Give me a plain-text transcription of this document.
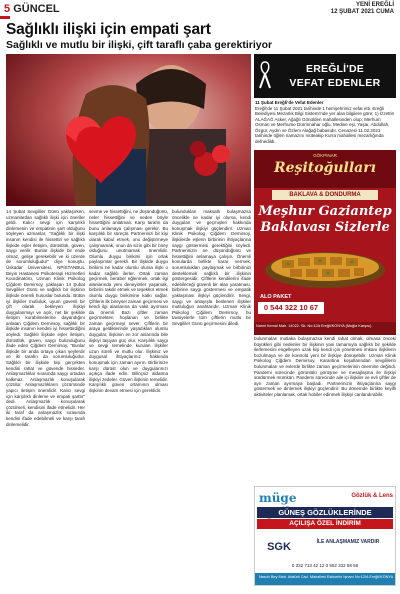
5 GÜNCEL	YENİ EREĞLİ
12 ŞUBAT 2021 CUMA
Sağlıklı ilişki için empati şart
Sağlıklı ve mutlu bir ilişki, çift taraflı çaba gerektiriyor
14 Şubat Sevgililer Günü yaklaşırken, uzmanlardan sağlıklı ilişki için öneriler geldi. Kalıcı sevgi için karşılıklı dinlemenin ve empatinin şart olduğunu söyleyen uzmanlar, “Sağlıklı bir ilişki insanın kendisi ile hissettiri ve sağlıklı ilişkide eşler iletişim, dürüstlük, güven, saygı verilir. Bunlar ilişkide bir ende olmaz, gelişe gerekebilir ve ki üzerde de sorumluluğudur” diye konuştu. Üsküdar Üniversitesi, NPİSTANBUL Beyin Hastanesi Psikoterapi Hizmetleri Koordinatörü, Uzman Klinik Psikolog Çiğdem Demirsoy, yaklaşan 14 Şubat Sevgililer Günü ve sağlıklı bir ilişkinin ilişkide önemli hususlar bulundu. Bütün iyi ilişkiler mutluluk, uyum güvenli bir çift olarak bekleyen ilişkiyi duygulanmayı ve açık, net bir şekilde iletişim kurabilmelerine dayandığını anlatan Çiğdem Demirsoy, sağlıklı bir ilişkide insanın kendini iyi hissettirdiğini söyledi. Sağlıklı ilişkide eşler iletişim, dürüstlük, güven, saygı bulunduğunu ifade eden Çiğdem Demirsoy, “Bunlar ilişkide bir anda ortaya çıkan şeylerdir ve iki tarafın da sorumluluğudur. Sağlıklı bir ilişkide kişi gerçekten kendini rahat ve güvende hisseder. Anlaşmazlıklar sırasında saygı ortadan kalkmaz. Anlaşmazlık konuşularak çözülür. Anlaşmazlıkların çözümünde yapıcı iletişim önemlidir. Kalıcı sevgi için karşılıklı dinleme ve empati şarttır” dedi. Anlaşmazlık konuşularak çözülmeli, kendisini ifade etmelidir. Her iki taraf da anlaşmazlık sırasında kendini ifade edebilmeli ve karşı tarafı dinlemelidir.
sevme ve hissettiğini, ne düşündüğünü, neler hissettiğini ve neden böyle hissettiğini anlatmalı. Karşı tarafın da bunu anlamaya çalışması gerekir. Bu karşılıklı bir süreçtir. Partnerinizi bir kişi olarak kabul etmek, onu değiştirmeye çalışmamak, onun da sizin gibi bir birey olduğunu unutmamak önemlidir. Olumlu duygu birikimi için ortak paylaşımlar gerekli. Bir ilişkide duygu birikimi ne kadar olumlu olursa ilişki o kadar sağlıklı ilerler. Ortak zaman geçirmek, beraber eğlenmek, ortak ilgi alanlarında yeni deneyimler yaşamak, birbirini takdir etmek ve teşekkür etmek olumlu duygu birikimine katkı sağlar. Çiftlerin ilk bireysel zaman geçirmesi ve kendi ilgi alanlarına da vakit ayırması da önemli. Bazı çiftler zaman geçirmekten hoşlanan ve birlikte zaman geçirmeyi sever. Çiftlerin bir araya geldiklerinde yaşadıkları olumlu duygular, ilişkinin en zor anlarında bile ilişkiyi taşıyan güç olur. Karşılıklı saygı ve sevgi temelinde kurulan ilişkiler uzun süreli ve mutlu olur. İlişkiniz ve duygusal ihtiyaçlarınız hakkında konuşmak için zaman ayırın. Birbirinize karşı dürüst olun ve duygularınızı açıkça ifade edin. Bilinçsiz aldatma ilişkiyi zedeler. Güven ilişkinin temelidir. Karşılıklı güven ortamının olması ilişkinin devam etmesi için gereklidir.
bulundukları maksatlı bulaşmazsa öncelikle ne kadar iyi olursa, kendi duyguları ve geçmişleri hakkında konuşmak ilişkiyi güçlendirir. Uzman Klinik Psikolog Çiğdem Demirsoy, ilişkilerde eşlerin birbirinin ihtiyaçlarına saygı göstermesi gerektiğini söyledi. Partnerinizin ne düşündüğünü ve hissettiğini anlamaya çalışın. Önemli konularda birlikte karar vermek, sorumlulukları paylaşmak ve birbirinizi desteklemek sağlıklı bir ilişkinin göstergesidir. Çiftlerin kendilerini ifade edebileceği güvenli bir alan yaratması, birbirine saygı göstermesi ve empatik yaklaşması ilişkiyi güçlendirir. Sevgi, saygı ve anlayışla beslenen ilişkiler mutluluğun anahtarıdır. Uzman Klinik Psikolog Çiğdem Demirsoy, bu tavsiyelerle tüm çiftlerin mutlu bir Sevgililer Günü geçirmesini diledi.
EREĞLİ'DE
VEFAT EDENLER
11 Şubat Ereğli'de Vefat Edenler
Ereğli'de 11 Şubat 2021 tarihinde 1 hemşehrimiz vefat etti. Ereğli Belediyesi Mezarlık Bilgi Sistemi'nde yer alan bilgilere göre; 1) İzzettin ALAĞAĞ Asker, Ağağlı Gönülden mahallesinden olup; Merhum Osman ve Merhume Dürrinnahar oğlu, Medine eşi, Yaşar, Abdullah, Özgür, Aydın ve Özlem Alağağ babasıdır. Cenazesi 11.02.2021 tarihinde öğlen namazını müteakip Kurra mahallesi mezarlığında defnedildi.
GÖKPINAR
Reşitoğulları
BAKLAVA & DONDURMA
Meşhur Gaziantep
Baklavası Sizlerle
ALO PAKET
0 544 322 10 67
Nanni Kemal Mah. 14022. Sk. No:12A Ereğli/KONYA (Muğla Karşısı)
bulunmaları mutlaka bulaşmazsa kendi rahat olmak, olmasa önceki büyükleri gibi nedenler bir ilişkinin yani tamamıyla sağlıklı bir şekilde ilerlemesini engelleyen uzak kişi kendi için yönetmesi imkanı ilişkilerin bozulmaya ve de kontrolü yeni bir ilişkiye dönüşebilir. Uzman Klinik Psikolog Çiğdem Demirsoy, Karantina koşullarından sevgililerin bulunmaları ve evlerde birlikte zaman geçirmelerinin önemine değindi. Pandemi sürecinde görüntülü görüşme ve mesajlaşma ile ilişkiyi sürdürmek mümkün. Pandemi sürecinde aile içi ilişkiler ve evli çiftler de ayrı zaman ayırmaya başladı. Partnerinizin ihtiyaçlarına saygı göstermek ve dinlemek ilişkiyi güçlendirir. Bu dönemde birlikte keyifli aktiviteler planlamak, ortak hobiler edinmek ilişkiyi canlandırabilir.
müge	Gözlük & Lens
GÜNEŞ GÖZLÜKLERİNDE
AÇILIŞA ÖZEL İNDİRİM
SGK	İLE ANLAŞMAMIZ VARDIR
0 332 713 42 12 0 552 332 58 58
Nasuh Bey Mah. Atatürk Cad. Mahallesi Eskisehir İşhanı No:12/A Ereğli/KONYA
